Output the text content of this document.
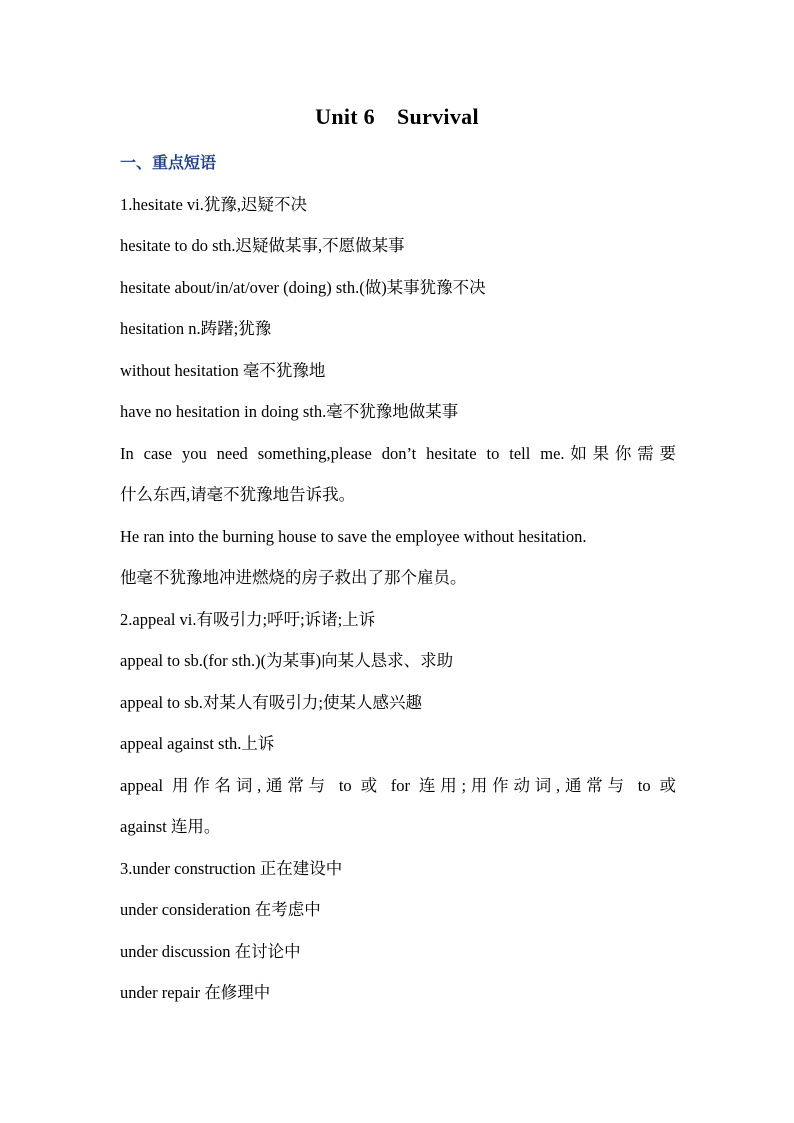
Unit 6 Survival
一、重点短语
1.hesitate vi.犹豫,迟疑不决
hesitate to do sth.迟疑做某事,不愿做某事
hesitate about/in/at/over (doing) sth.(做)某事犹豫不决
hesitation n.踌躇;犹豫
without hesitation 毫不犹豫地
have no hesitation in doing sth.毫不犹豫地做某事
In case you need something,please don’t hesitate to tell me.如果你需要
什么东西,请毫不犹豫地告诉我。
He ran into the burning house to save the employee without hesitation.
他毫不犹豫地冲进燃烧的房子救出了那个雇员。
2.appeal vi.有吸引力;呼吁;诉诸;上诉
appeal to sb.(for sth.)(为某事)向某人恳求、求助
appeal to sb.对某人有吸引力;使某人感兴趣
appeal against sth.上诉
appeal 用作名词,通常与 to 或 for 连用;用作动词,通常与 to 或
against 连用。
3.under construction 正在建设中
under consideration 在考虑中
under discussion 在讨论中
under repair 在修理中
